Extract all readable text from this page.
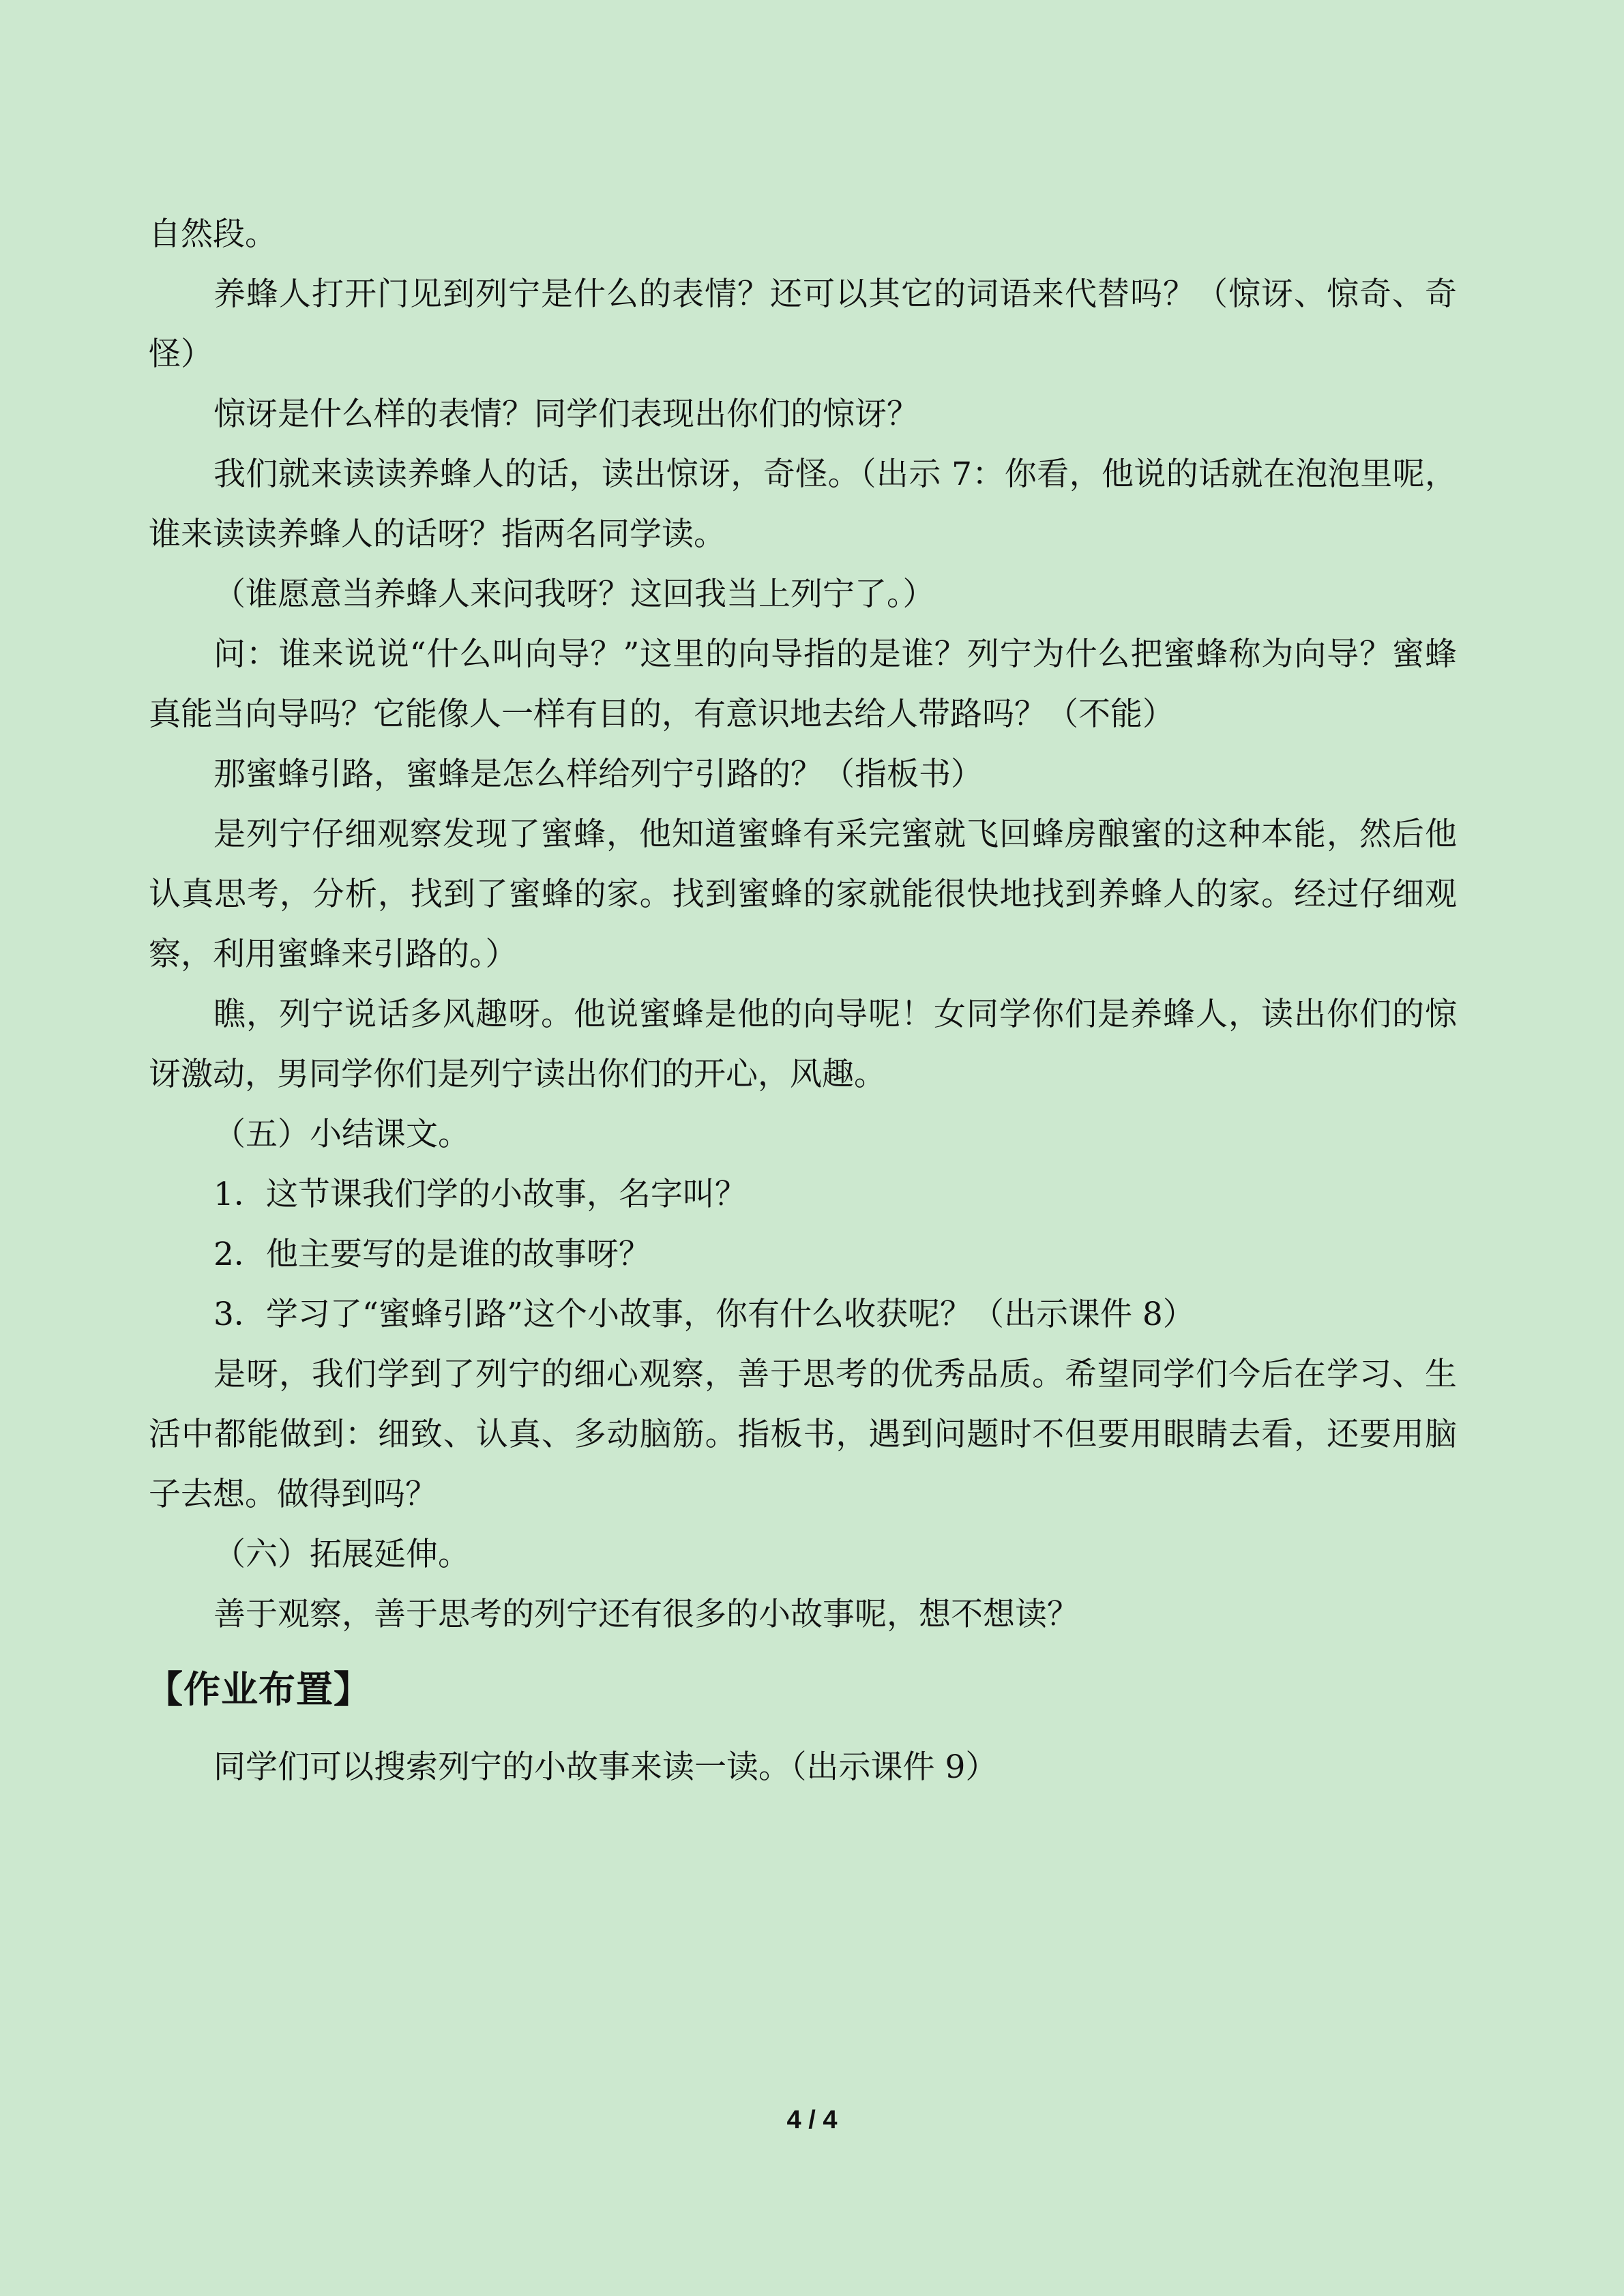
自然段。

养蜂人打开门见到列宁是什么的表情？还可以其它的词语来代替吗？（惊讶、惊奇、奇怪）

惊讶是什么样的表情？同学们表现出你们的惊讶？

我们就来读读养蜂人的话，读出惊讶，奇怪。（出示 7：你看，他说的话就在泡泡里呢，谁来读读养蜂人的话呀？指两名同学读。

（谁愿意当养蜂人来问我呀？这回我当上列宁了。）

问：谁来说说“什么叫向导？”这里的向导指的是谁？列宁为什么把蜜蜂称为向导？蜜蜂真能当向导吗？它能像人一样有目的，有意识地去给人带路吗？（不能）

那蜜蜂引路，蜜蜂是怎么样给列宁引路的？（指板书）

是列宁仔细观察发现了蜜蜂，他知道蜜蜂有采完蜜就飞回蜂房酿蜜的这种本能，然后他认真思考，分析，找到了蜜蜂的家。找到蜜蜂的家就能很快地找到养蜂人的家。经过仔细观察，利用蜜蜂来引路的。）

瞧，列宁说话多风趣呀。他说蜜蜂是他的向导呢！女同学你们是养蜂人，读出你们的惊讶激动，男同学你们是列宁读出你们的开心，风趣。

（五）小结课文。

1．这节课我们学的小故事，名字叫？

2．他主要写的是谁的故事呀？

3．学习了“蜜蜂引路”这个小故事，你有什么收获呢？（出示课件 8）

是呀，我们学到了列宁的细心观察，善于思考的优秀品质。希望同学们今后在学习、生活中都能做到：细致、认真、多动脑筋。指板书，遇到问题时不但要用眼睛去看，还要用脑子去想。做得到吗？

（六）拓展延伸。

善于观察，善于思考的列宁还有很多的小故事呢，想不想读？

【作业布置】

同学们可以搜索列宁的小故事来读一读。（出示课件 9）

4 / 4
